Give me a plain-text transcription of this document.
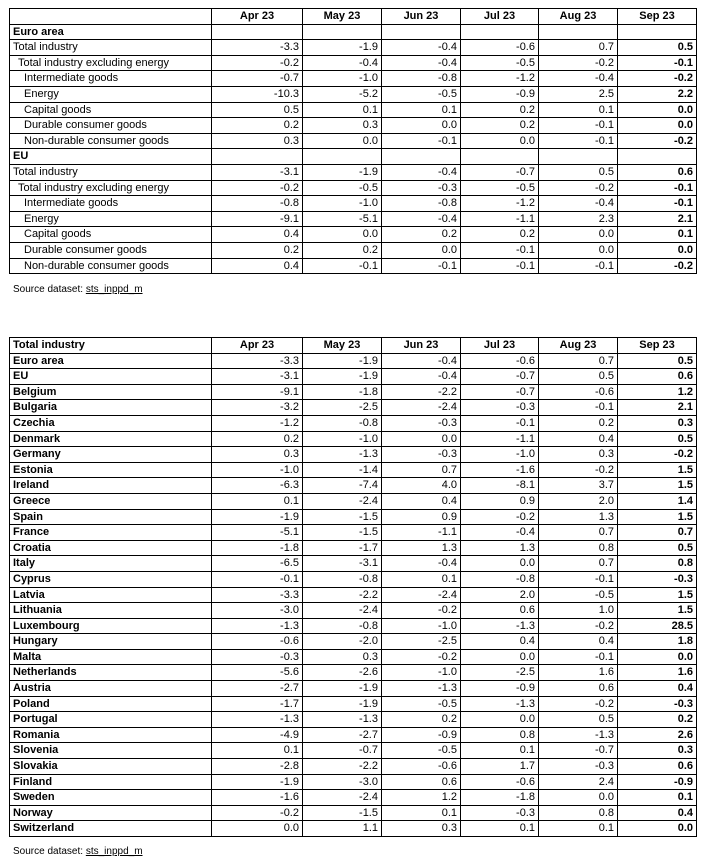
	Apr 23	May 23	Jun 23	Jul 23	Aug 23	Sep 23
Euro area						
Total industry	-3.3	-1.9	-0.4	-0.6	0.7	0.5
Total industry excluding energy	-0.2	-0.4	-0.4	-0.5	-0.2	-0.1
Intermediate goods	-0.7	-1.0	-0.8	-1.2	-0.4	-0.2
Energy	-10.3	-5.2	-0.5	-0.9	2.5	2.2
Capital goods	0.5	0.1	0.1	0.2	0.1	0.0
Durable consumer goods	0.2	0.3	0.0	0.2	-0.1	0.0
Non-durable consumer goods	0.3	0.0	-0.1	0.0	-0.1	-0.2
EU						
Total industry	-3.1	-1.9	-0.4	-0.7	0.5	0.6
Total industry excluding energy	-0.2	-0.5	-0.3	-0.5	-0.2	-0.1
Intermediate goods	-0.8	-1.0	-0.8	-1.2	-0.4	-0.1
Energy	-9.1	-5.1	-0.4	-1.1	2.3	2.1
Capital goods	0.4	0.0	0.2	0.2	0.0	0.1
Durable consumer goods	0.2	0.2	0.0	-0.1	0.0	0.0
Non-durable consumer goods	0.4	-0.1	-0.1	-0.1	-0.1	-0.2
Source dataset: sts_inppd_m
Total industry	Apr 23	May 23	Jun 23	Jul 23	Aug 23	Sep 23
Euro area	-3.3	-1.9	-0.4	-0.6	0.7	0.5
EU	-3.1	-1.9	-0.4	-0.7	0.5	0.6
Belgium	-9.1	-1.8	-2.2	-0.7	-0.6	1.2
Bulgaria	-3.2	-2.5	-2.4	-0.3	-0.1	2.1
Czechia	-1.2	-0.8	-0.3	-0.1	0.2	0.3
Denmark	0.2	-1.0	0.0	-1.1	0.4	0.5
Germany	0.3	-1.3	-0.3	-1.0	0.3	-0.2
Estonia	-1.0	-1.4	0.7	-1.6	-0.2	1.5
Ireland	-6.3	-7.4	4.0	-8.1	3.7	1.5
Greece	0.1	-2.4	0.4	0.9	2.0	1.4
Spain	-1.9	-1.5	0.9	-0.2	1.3	1.5
France	-5.1	-1.5	-1.1	-0.4	0.7	0.7
Croatia	-1.8	-1.7	1.3	1.3	0.8	0.5
Italy	-6.5	-3.1	-0.4	0.0	0.7	0.8
Cyprus	-0.1	-0.8	0.1	-0.8	-0.1	-0.3
Latvia	-3.3	-2.2	-2.4	2.0	-0.5	1.5
Lithuania	-3.0	-2.4	-0.2	0.6	1.0	1.5
Luxembourg	-1.3	-0.8	-1.0	-1.3	-0.2	28.5
Hungary	-0.6	-2.0	-2.5	0.4	0.4	1.8
Malta	-0.3	0.3	-0.2	0.0	-0.1	0.0
Netherlands	-5.6	-2.6	-1.0	-2.5	1.6	1.6
Austria	-2.7	-1.9	-1.3	-0.9	0.6	0.4
Poland	-1.7	-1.9	-0.5	-1.3	-0.2	-0.3
Portugal	-1.3	-1.3	0.2	0.0	0.5	0.2
Romania	-4.9	-2.7	-0.9	0.8	-1.3	2.6
Slovenia	0.1	-0.7	-0.5	0.1	-0.7	0.3
Slovakia	-2.8	-2.2	-0.6	1.7	-0.3	0.6
Finland	-1.9	-3.0	0.6	-0.6	2.4	-0.9
Sweden	-1.6	-2.4	1.2	-1.8	0.0	0.1
Norway	-0.2	-1.5	0.1	-0.3	0.8	0.4
Switzerland	0.0	1.1	0.3	0.1	0.1	0.0
Source dataset: sts_inppd_m
